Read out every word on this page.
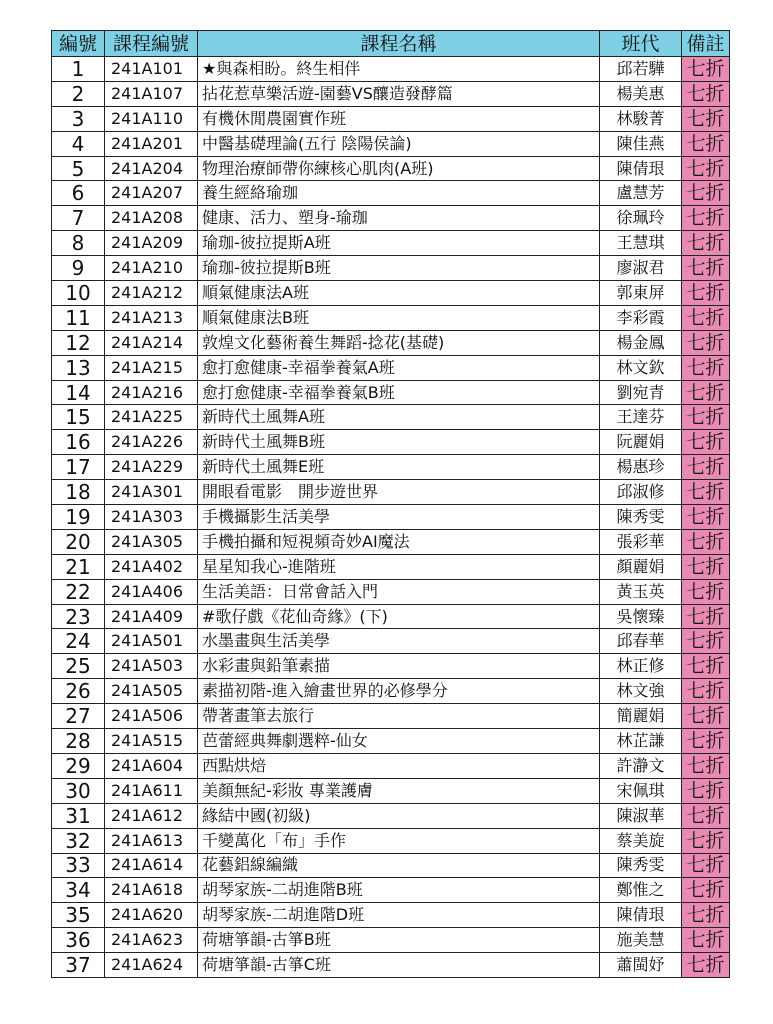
編號	課程編號	課程名稱	班代	備註
1	241A101	★與森相盼。終生相伴	邱若驊	七折
2	241A107	拈花惹草樂活遊-園藝VS釀造發酵篇	楊美惠	七折
3	241A110	有機休閒農園實作班	林駿菁	七折
4	241A201	中醫基礎理論(五行 陰陽侯論)	陳佳燕	七折
5	241A204	物理治療師帶你練核心肌肉(A班)	陳倩珢	七折
6	241A207	養生經絡瑜珈	盧慧芳	七折
7	241A208	健康、活力、塑身-瑜珈	徐珮玲	七折
8	241A209	瑜珈-彼拉提斯A班	王慧琪	七折
9	241A210	瑜珈-彼拉提斯B班	廖淑君	七折
10	241A212	順氣健康法A班	郭東屏	七折
11	241A213	順氣健康法B班	李彩霞	七折
12	241A214	敦煌文化藝術養生舞蹈-捻花(基礎)	楊金鳳	七折
13	241A215	愈打愈健康-幸福拳養氣A班	林文欽	七折
14	241A216	愈打愈健康-幸福拳養氣B班	劉宛青	七折
15	241A225	新時代土風舞A班	王達芬	七折
16	241A226	新時代土風舞B班	阮麗娟	七折
17	241A229	新時代土風舞E班	楊惠珍	七折
18	241A301	開眼看電影　開步遊世界	邱淑修	七折
19	241A303	手機攝影生活美學	陳秀雯	七折
20	241A305	手機拍攝和短視頻奇妙AI魔法	張彩華	七折
21	241A402	星星知我心-進階班	顏麗娟	七折
22	241A406	生活美語：日常會話入門	黃玉英	七折
23	241A409	#歌仔戲《花仙奇緣》(下)	吳懷臻	七折
24	241A501	水墨畫與生活美學	邱春華	七折
25	241A503	水彩畫與鉛筆素描	林正修	七折
26	241A505	素描初階-進入繪畫世界的必修學分	林文強	七折
27	241A506	帶著畫筆去旅行	簡麗娟	七折
28	241A515	芭蕾經典舞劇選粹-仙女	林芷謙	七折
29	241A604	西點烘焙	許瀞文	七折
30	241A611	美顏無紀-彩妝 專業護膚	宋佩琪	七折
31	241A612	緣結中國(初級)	陳淑華	七折
32	241A613	千變萬化「布」手作	蔡美旋	七折
33	241A614	花藝鋁線編織	陳秀雯	七折
34	241A618	胡琴家族-二胡進階B班	鄭惟之	七折
35	241A620	胡琴家族-二胡進階D班	陳倩珢	七折
36	241A623	荷塘箏韻-古箏B班	施美慧	七折
37	241A624	荷塘箏韻-古箏C班	蕭閩妤	七折
